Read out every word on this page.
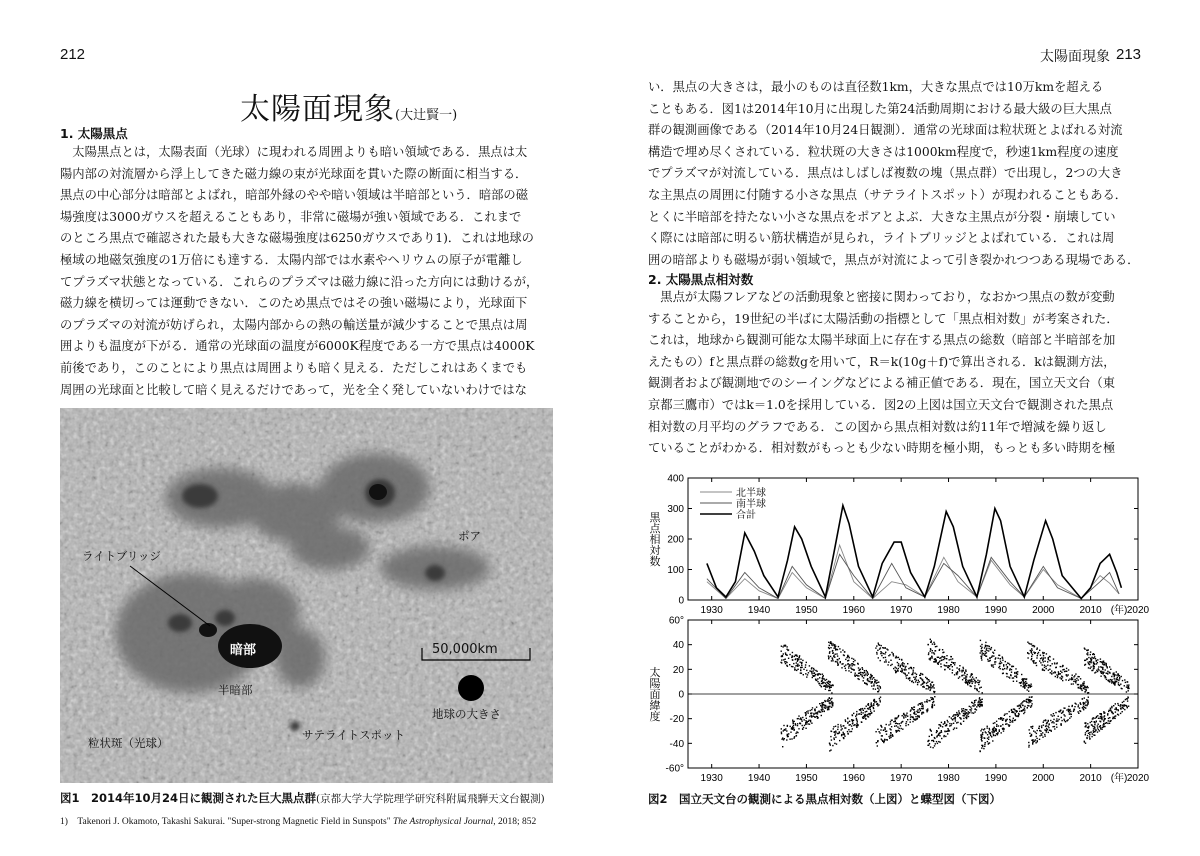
212
太陽面現象(大辻賢一)
1. 太陽黒点

　太陽黒点とは，太陽表面（光球）に現われる周囲よりも暗い領域である．黒点は太

陽内部の対流層から浮上してきた磁力線の束が光球面を貫いた際の断面に相当する．

黒点の中心部分は暗部とよばれ，暗部外縁のやや暗い領域は半暗部という．暗部の磁

場強度は3000ガウスを超えることもあり，非常に磁場が強い領域である．これまで

のところ黒点で確認された最も大きな磁場強度は6250ガウスであり1)．これは地球の

極域の地磁気強度の1万倍にも達する．太陽内部では水素やヘリウムの原子が電離し

てプラズマ状態となっている．これらのプラズマは磁力線に沿った方向には動けるが，

磁力線を横切っては運動できない．このため黒点ではその強い磁場により，光球面下

のプラズマの対流が妨げられ，太陽内部からの熱の輸送量が減少することで黒点は周

囲よりも温度が下がる．通常の光球面の温度が6000K程度である一方で黒点は4000K

前後であり，このことにより黒点は周囲よりも暗く見える．ただしこれはあくまでも

周囲の光球面と比較して暗く見えるだけであって，光を全く発していないわけではな

ライトブリッジ
ポア
暗部
半暗部
50,000km
地球の大きさ
サテライトスポット
粒状斑（光球）
図1　2014年10月24日に観測された巨大黒点群(京都大学大学院理学研究科附属飛騨天文台観測)
1)　Takenori J. Okamoto, Takashi Sakurai. "Super-strong Magnetic Field in Sunspots" The Astrophysical Journal, 2018; 852
太陽面現象 213

い．黒点の大きさは，最小のものは直径数1km，大きな黒点では10万kmを超える

こともある．図1は2014年10月に出現した第24活動周期における最大級の巨大黒点

群の観測画像である（2014年10月24日観測）．通常の光球面は粒状斑とよばれる対流

構造で埋め尽くされている．粒状斑の大きさは1000km程度で，秒速1km程度の速度

でプラズマが対流している．黒点はしばしば複数の塊（黒点群）で出現し，2つの大き

な主黒点の周囲に付随する小さな黒点（サテライトスポット）が現われることもある．

とくに半暗部を持たない小さな黒点をポアとよぶ．大きな主黒点が分裂・崩壊してい

く際には暗部に明るい筋状構造が見られ，ライトブリッジとよばれている．これは周

囲の暗部よりも磁場が弱い領域で，黒点が対流によって引き裂かれつつある現場である．

2. 太陽黒点相対数

　黒点が太陽フレアなどの活動現象と密接に関わっており，なおかつ黒点の数が変動

することから，19世紀の半ばに太陽活動の指標として「黒点相対数」が考案された．

これは，地球から観測可能な太陽半球面上に存在する黒点の総数（暗部と半暗部を加

えたもの）fと黒点群の総数gを用いて，R＝k(10g＋f)で算出される．kは観測方法，

観測者および観測地でのシーイングなどによる補正値である．現在，国立天文台（東

京都三鷹市）ではk＝1.0を採用している．図2の上図は国立天文台で観測された黒点

相対数の月平均のグラフである．この図から黒点相対数は約11年で増減を繰り返し

ていることがわかる．相対数がもっとも少ない時期を極小期，もっとも多い時期を極

0
100
200
300
400
1930	1940	1950	1960	1970	1980	1990	2000	2010 (年) 2020
黒点相対数
北半球
南半球
合計
-60°
-40
-20
0
20
40
60°
1930	1940	1950	1960	1970	1980	1990	2000	2010 (年) 2020
太陽面緯度
図2　国立天文台の観測による黒点相対数（上図）と蝶型図（下図）
